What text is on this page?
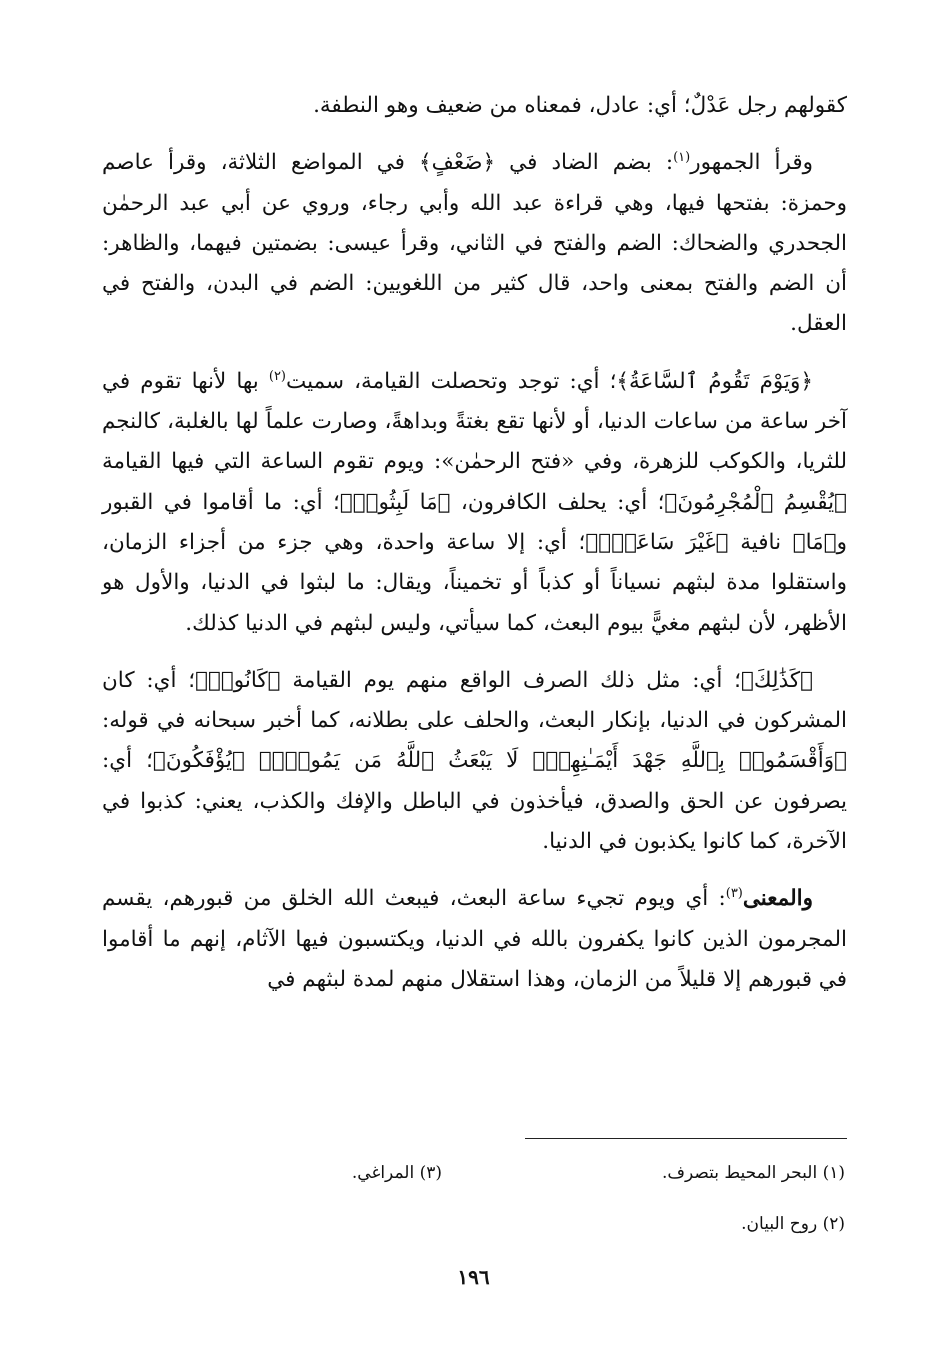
كقولهم رجل عَدْلٌ؛ أي: عادل، فمعناه من ضعيف وهو النطفة.

وقرأ الجمهور$^{(١)}$: بضم الضاد في ﴿ضَعْفٍ﴾ في المواضع الثلاثة، وقرأ عاصم وحمزة: بفتحها فيها، وهي قراءة عبد الله وأبي رجاء، وروي عن أبي عبد الرحمٰن الجحدري والضحاك: الضم والفتح في الثاني، وقرأ عيسى: بضمتين فيهما، والظاهر: أن الضم والفتح بمعنى واحد، قال كثير من اللغويين: الضم في البدن، والفتح في العقل.

﴿وَيَوْمَ تَقُومُ ٱلسَّاعَةُ﴾؛ أي: توجد وتحصلت القيامة، سميت$^{(٢)}$ بها لأنها تقوم في آخر ساعة من ساعات الدنيا، أو لأنها تقع بغتةً وبداهةً، وصارت علماً لها بالغلبة، كالنجم للثريا، والكوكب للزهرة، وفي «فتح الرحمٰن»: ويوم تقوم الساعة التي فيها القيامة ﴿يُقْسِمُ ٱلْمُجْرِمُونَ﴾؛ أي: يحلف الكافرون، ﴿مَا لَبِثُوا۟﴾؛ أي: ما أقاموا في القبور و﴿مَا﴾ نافية ﴿غَيْرَ سَاعَةٍۚ﴾؛ أي: إلا ساعة واحدة، وهي جزء من أجزاء الزمان، واستقلوا مدة لبثهم نسياناً أو كذباً أو تخميناً، ويقال: ما لبثوا في الدنيا، والأول هو الأظهر، لأن لبثهم مغيًّ بيوم البعث، كما سيأتي، وليس لبثهم في الدنيا كذلك.

﴿كَذَٰلِكَ﴾؛ أي: مثل ذلك الصرف الواقع منهم يوم القيامة ﴿كَانُوا۟﴾؛ أي: كان المشركون في الدنيا، بإنكار البعث، والحلف على بطلانه، كما أخبر سبحانه في قوله: ﴿وَأَقْسَمُوا۟ بِٱللَّهِ جَهْدَ أَيْمَـٰنِهِمْۙ لَا يَبْعَثُ ٱللَّهُ مَن يَمُوتُۚ﴾ ﴿يُؤْفَكُونَ﴾؛ أي: يصرفون عن الحق والصدق، فيأخذون في الباطل والإفك والكذب، يعني: كذبوا في الآخرة، كما كانوا يكذبون في الدنيا.

والمعنى$^{(٣)}$: أي ويوم تجيء ساعة البعث، فيبعث الله الخلق من قبورهم، يقسم المجرمون الذين كانوا يكفرون بالله في الدنيا، ويكتسبون فيها الآثام، إنهم ما أقاموا في قبورهم إلا قليلاً من الزمان، وهذا استقلال منهم لمدة لبثهم في

(١) البحر المحيط بتصرف.
(٣) المراغي.
(٢) روح البيان.
١٩٦
